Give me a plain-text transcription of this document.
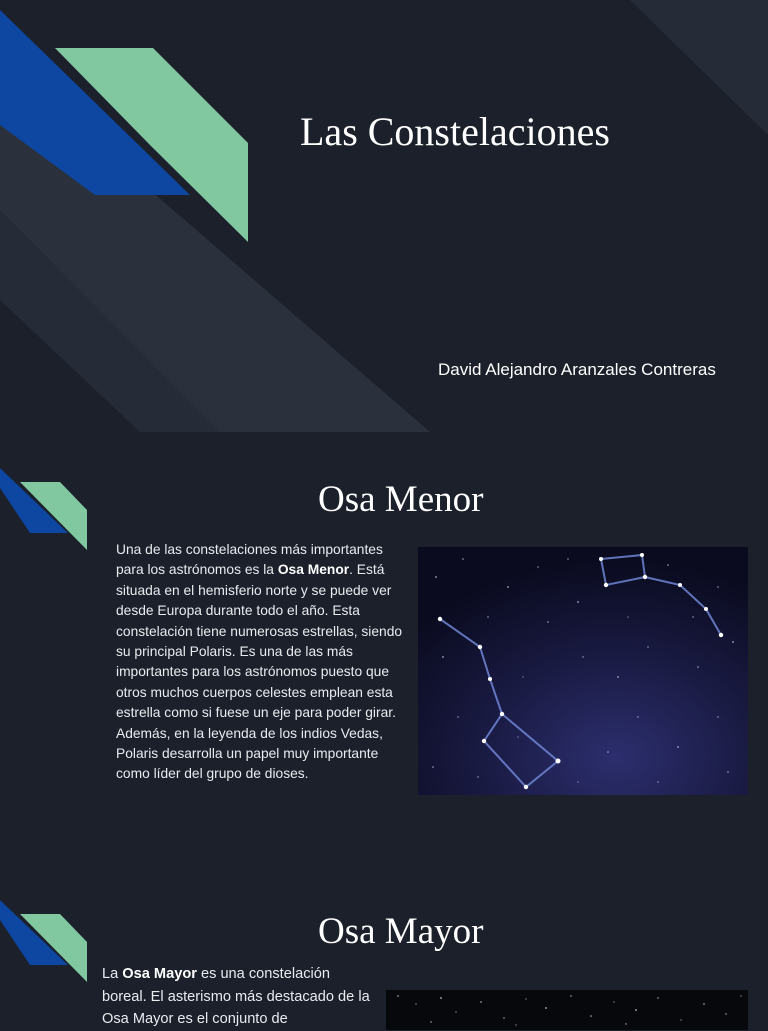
Las Constelaciones
David Alejandro Aranzales Contreras
Osa Menor

Una de las constelaciones más importantes para los astrónomos es la Osa Menor. Está situada en el hemisferio norte y se puede ver desde Europa durante todo el año. Esta constelación tiene numerosas estrellas, siendo su principal Polaris. Es una de las más importantes para los astrónomos puesto que otros muchos cuerpos celestes emplean esta estrella como si fuese un eje para poder girar. Además, en la leyenda de los indios Vedas, Polaris desarrolla un papel muy importante como líder del grupo de dioses.

Osa Mayor

La Osa Mayor es una constelación boreal. El asterismo más destacado de la Osa Mayor es el conjunto de
